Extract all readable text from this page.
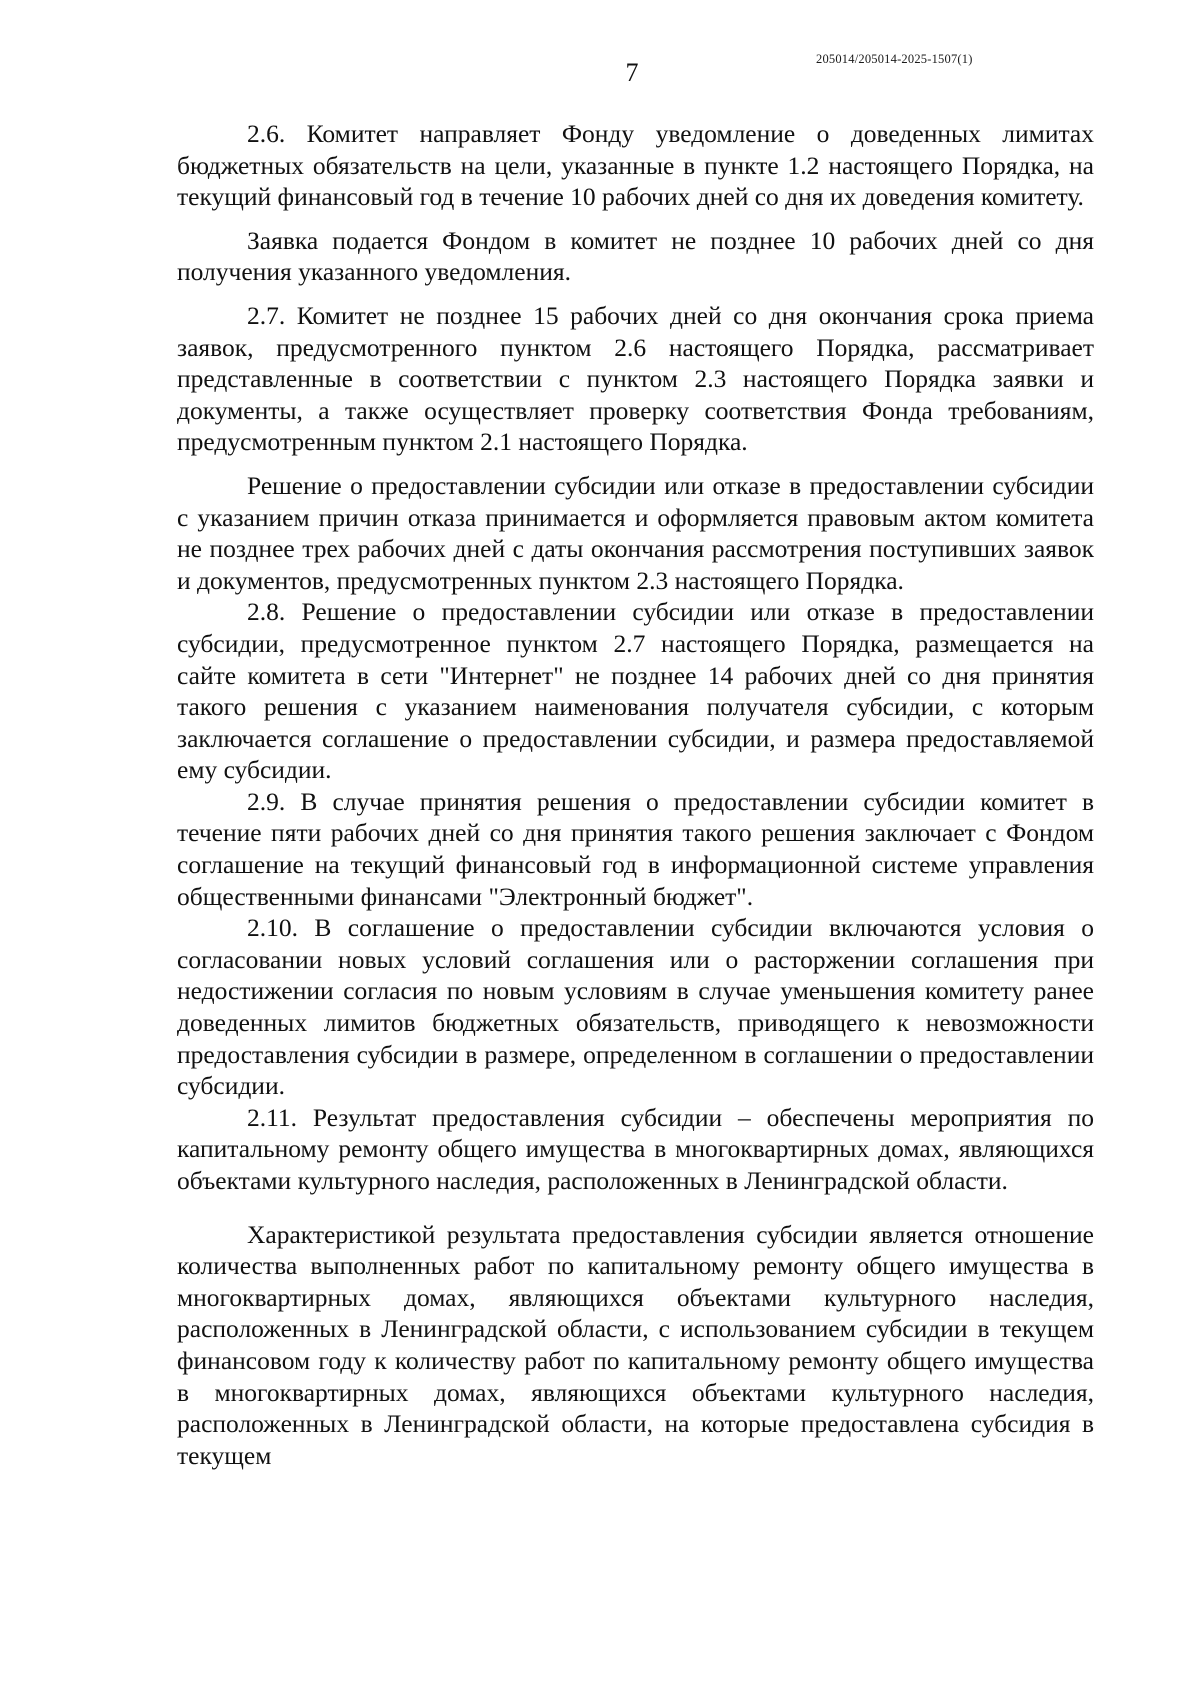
205014/205014-2025-1507(1)
7

2.6. Комитет направляет Фонду уведомление о доведенных лимитах бюджетных обязательств на цели, указанные в пункте 1.2 настоящего Порядка, на текущий финансовый год в течение 10 рабочих дней со дня их доведения комитету.

Заявка подается Фондом в комитет не позднее 10 рабочих дней со дня получения указанного уведомления.

2.7. Комитет не позднее 15 рабочих дней со дня окончания срока приема заявок, предусмотренного пунктом 2.6 настоящего Порядка, рассматривает представленные в соответствии с пунктом 2.3 настоящего Порядка заявки и документы, а также осуществляет проверку соответствия Фонда требованиям, предусмотренным пунктом 2.1 настоящего Порядка.

Решение о предоставлении субсидии или отказе в предоставлении субсидии с указанием причин отказа принимается и оформляется правовым актом комитета не позднее трех рабочих дней с даты окончания рассмотрения поступивших заявок и документов, предусмотренных пунктом 2.3 настоящего Порядка.

2.8. Решение о предоставлении субсидии или отказе в предоставлении субсидии, предусмотренное пунктом 2.7 настоящего Порядка, размещается на сайте комитета в сети "Интернет" не позднее 14 рабочих дней со дня принятия такого решения с указанием наименования получателя субсидии, с которым заключается соглашение о предоставлении субсидии, и размера предоставляемой ему субсидии.

2.9. В случае принятия решения о предоставлении субсидии комитет в течение пяти рабочих дней со дня принятия такого решения заключает с Фондом соглашение на текущий финансовый год в информационной системе управления общественными финансами "Электронный бюджет".

2.10. В соглашение о предоставлении субсидии включаются условия о согласовании новых условий соглашения или о расторжении соглашения при недостижении согласия по новым условиям в случае уменьшения комитету ранее доведенных лимитов бюджетных обязательств, приводящего к невозможности предоставления субсидии в размере, определенном в соглашении о предоставлении субсидии.

2.11. Результат предоставления субсидии – обеспечены мероприятия по капитальному ремонту общего имущества в многоквартирных домах, являющихся объектами культурного наследия, расположенных в Ленинградской области.

Характеристикой результата предоставления субсидии является отношение количества выполненных работ по капитальному ремонту общего имущества в многоквартирных домах, являющихся объектами культурного наследия, расположенных в Ленинградской области, с использованием субсидии в текущем финансовом году к количеству работ по капитальному ремонту общего имущества в многоквартирных домах, являющихся объектами культурного наследия, расположенных в Ленинградской области, на которые предоставлена субсидия в текущем
